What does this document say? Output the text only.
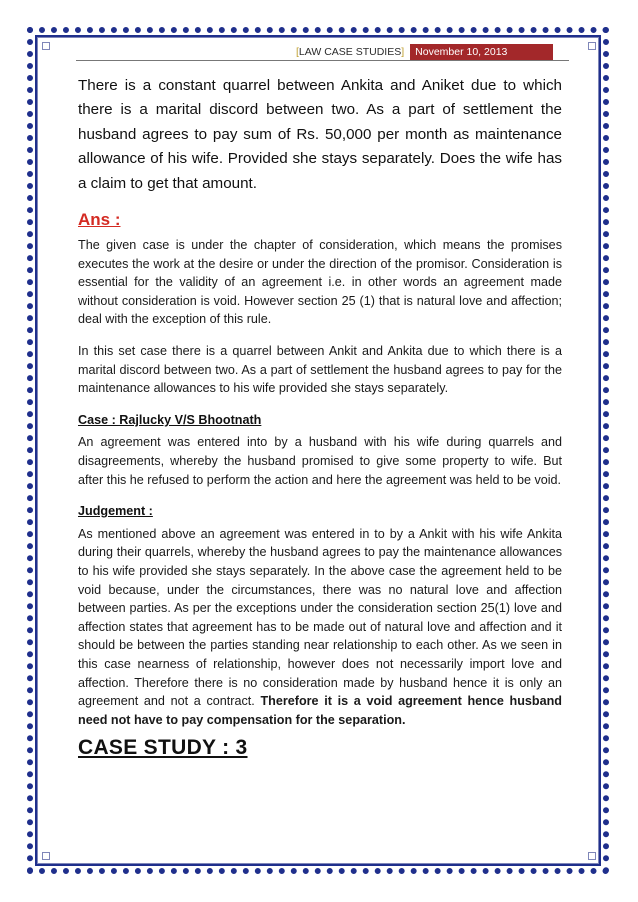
[LAW CASE STUDIES]	November 10, 2013

There is a constant quarrel between Ankita and Aniket due to which there is a marital discord between two. As a part of settlement the husband agrees to pay sum of Rs. 50,000 per month as maintenance allowance of his wife. Provided she stays separately. Does the wife has a claim to get that amount.

Ans :

The given case is under the chapter of consideration, which means the promises executes the work at the desire or under the direction of the promisor. Consideration is essential for the validity of an agreement i.e. in other words an agreement made without consideration is void. However section 25 (1) that is natural love and affection; deal with the exception of this rule.

In this set case there is a quarrel between Ankit and Ankita due to which there is a marital discord between two. As a part of settlement the husband agrees to pay for the maintenance allowances to his wife provided she stays separately.

Case : Rajlucky V/S Bhootnath

An agreement was entered into by a husband with his wife during quarrels and disagreements, whereby the husband promised to give some property to wife. But after this he refused to perform the action and here the agreement was held to be void.

Judgement :

As mentioned above an agreement was entered in to by a Ankit with his wife Ankita during their quarrels, whereby the husband agrees to pay the maintenance allowances to his wife provided she stays separately. In the above case the agreement held to be void because, under the circumstances, there was no natural love and affection between parties. As per the exceptions under the consideration section 25(1) love and affection states that agreement has to be made out of natural love and affection and it should be between the parties standing near relationship to each other. As we seen in this case nearness of relationship, however does not necessarily import love and affection. Therefore there is no consideration made by husband hence it is only an agreement and not a contract. Therefore it is a void agreement hence husband need not have to pay compensation for the separation.

CASE STUDY : 3
